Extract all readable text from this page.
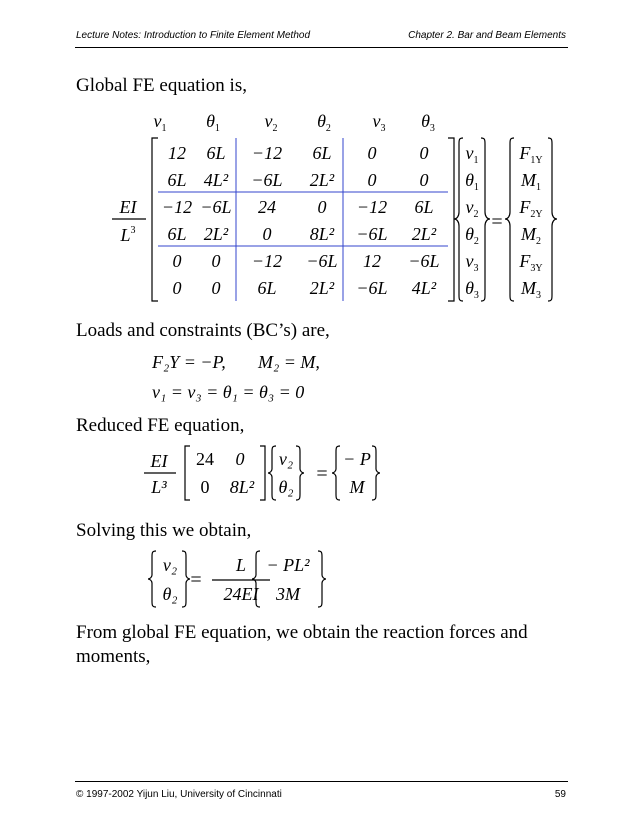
Lecture Notes: Introduction to Finite Element Method	Chapter 2. Bar and Beam Elements
Global FE equation is,
Loads and constraints (BC’s) are,
Reduced FE equation,
Solving this we obtain,
From global FE equation, we obtain the reaction forces and
moments,
$v_1$	$\theta_1$	$v_2$	$\theta_2$	$v_3$	$\theta_3$
EI
$L^3$
12	6L	−12	6L	0	0
6L 4L²	−6L	2L²	0	0
−12 −6L	24	0	−12	6L
6L 2L²	0	8L²	−6L	2L²
0	0	−12	−6L	12	−6L
0	0	6L	2L²	−6L	4L²
$v_1$
$\theta_1$
$v_2$
$\theta_2$
$v_3$
$\theta_3$
=
$F_{1Y}$
$M_1$
$F_{2Y}$
$M_2$
$F_{3Y}$
$M_3$
F₂Y = −P, M₂ = M,
v₁ = v₃ = θ₁ = θ₃ = 0
EI
L³
24	0
0	8L²
v₂
θ₂
=
− P
M
v₂
θ₂
=
L
24EI
− PL²
3M
© 1997-2002 Yijun Liu, University of Cincinnati	59
